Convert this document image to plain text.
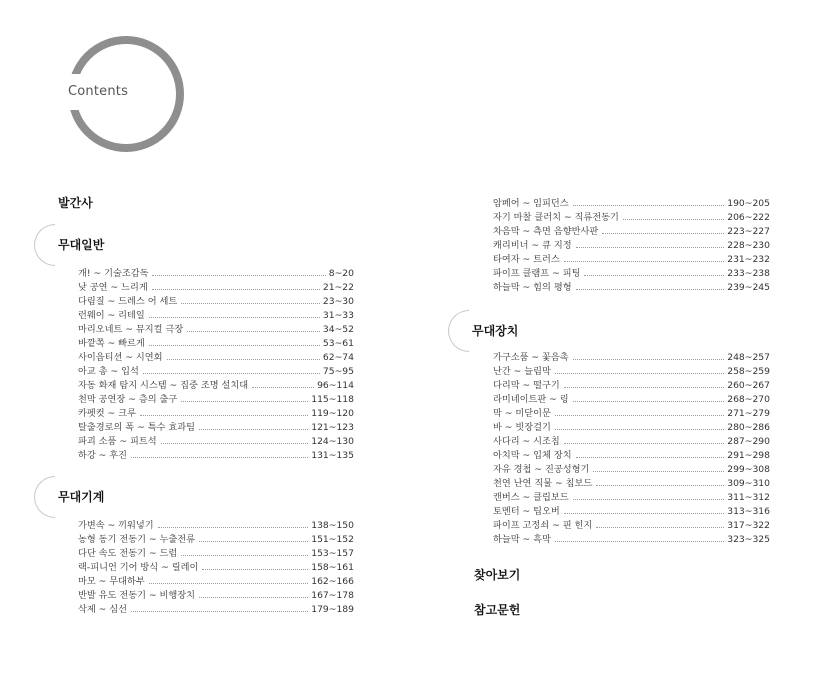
Contents
발간사
무대일반
개! ~ 기술조감독	8~20
낮 공연 ~ 느리게	21~22
다림질 ~ 드레스 어 세트	23~30
런웨이 ~ 리테일	31~33
마리오네트 ~ 뮤지컬 극장	34~52
바깥쪽 ~ 빠르게	53~61
사이읍티션 ~ 시연회	62~74
아교 총 ~ 입석	75~95
자동 화재 탐지 시스템 ~ 집중 조명 설치대	96~114
천막 공연장 ~ 층의 출구	115~118
카펫컷 ~ 크루	119~120
탈출경로의 폭 ~ 특수 효과팀	121~123
파괴 소품 ~ 피트석	124~130
하강 ~ 후진	131~135
무대기계
가변속 ~ 끼워넣기	138~150
농형 동기 전동기 ~ 누출전류	151~152
다단 속도 전동기 ~ 드럼	153~157
랙-피니언 기어 방식 ~ 릴레이	158~161
마모 ~ 무대하부	162~166
반발 유도 전동기 ~ 비행장치	167~178
삭제 ~ 심선	179~189
암페어 ~ 임피던스	190~205
자기 마찰 클러치 ~ 직류전동기	206~222
차음막 ~ 측면 음향반사판	223~227
캐리비너 ~ 큐 지정	228~230
타여자 ~ 트러스	231~232
파이프 클램프 ~ 피팅	233~238
하늘막 ~ 힘의 평형	239~245
무대장치
가구소품 ~ 꽃음촉	248~257
난간 ~ 늘림막	258~259
다리막 ~ 떨구기	260~267
라미네이트판 ~ 링	268~270
막 ~ 미닫이문	271~279
바 ~ 빗장걸기	280~286
사다리 ~ 시조칩	287~290
아치막 ~ 입체 장치	291~298
자유 경첩 ~ 진공성형기	299~308
천연 난연 직물 ~ 칩보드	309~310
캔버스 ~ 클립보드	311~312
토멘터 ~ 팁오버	313~316
파이프 고정쇠 ~ 핀 힌지	317~322
하늘막 ~ 흑막	323~325
찾아보기
참고문헌
